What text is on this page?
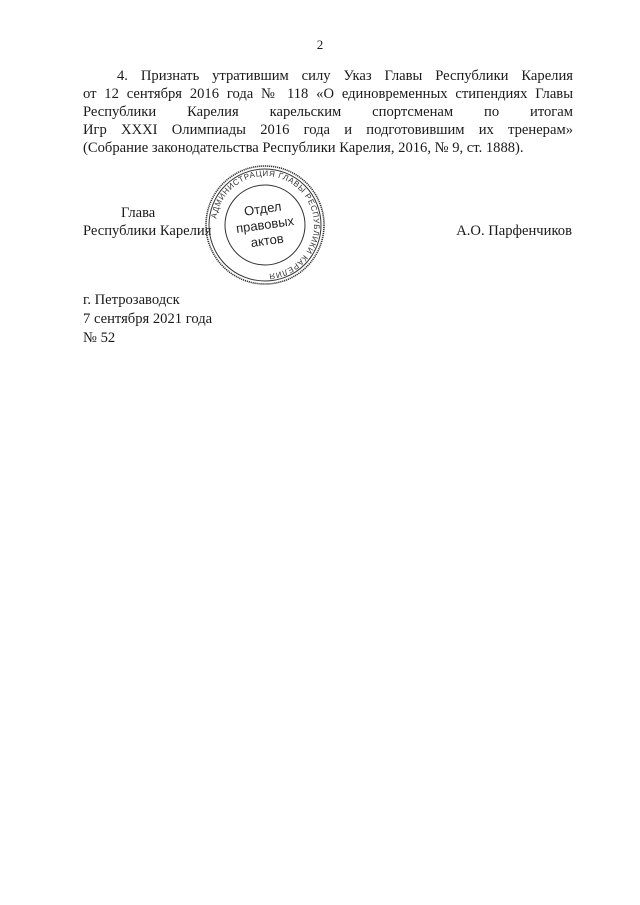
2
4. Признать утратившим силу Указ Главы Республики Карелия
от 12 сентября 2016 года № 118 «О единовременных стипендиях Главы
Республики Карелия карельским спортсменам по итогам
Игр XXXI Олимпиады 2016 года и подготовившим их тренерам»
(Собрание законодательства Республики Карелия, 2016, № 9, ст. 1888).
Глава
Республики Карелия	А.О. Парфенчиков
АДМИНИСТРАЦИЯ ГЛАВЫ РЕСПУБЛИКИ КАРЕЛИЯ
Отдел
правовых
актов
г. Петрозаводск
7 сентября 2021 года
№ 52
